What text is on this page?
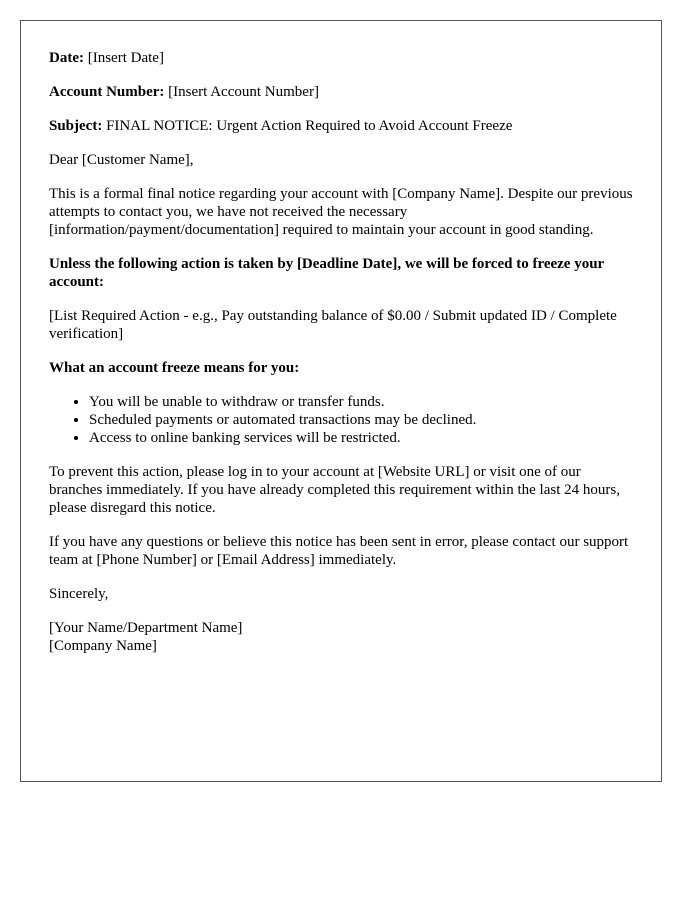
Date: [Insert Date]

Account Number: [Insert Account Number]

Subject: FINAL NOTICE: Urgent Action Required to Avoid Account Freeze

Dear [Customer Name],

This is a formal final notice regarding your account with [Company Name]. Despite our previous attempts to contact you, we have not received the necessary [information/payment/documentation] required to maintain your account in good standing.

Unless the following action is taken by [Deadline Date], we will be forced to freeze your account:

[List Required Action - e.g., Pay outstanding balance of $0.00 / Submit updated ID / Complete verification]

What an account freeze means for you:

• You will be unable to withdraw or transfer funds.
• Scheduled payments or automated transactions may be declined.
• Access to online banking services will be restricted.

To prevent this action, please log in to your account at [Website URL] or visit one of our branches immediately. If you have already completed this requirement within the last 24 hours, please disregard this notice.

If you have any questions or believe this notice has been sent in error, please contact our support team at [Phone Number] or [Email Address] immediately.

Sincerely,

[Your Name/Department Name]

[Company Name]
